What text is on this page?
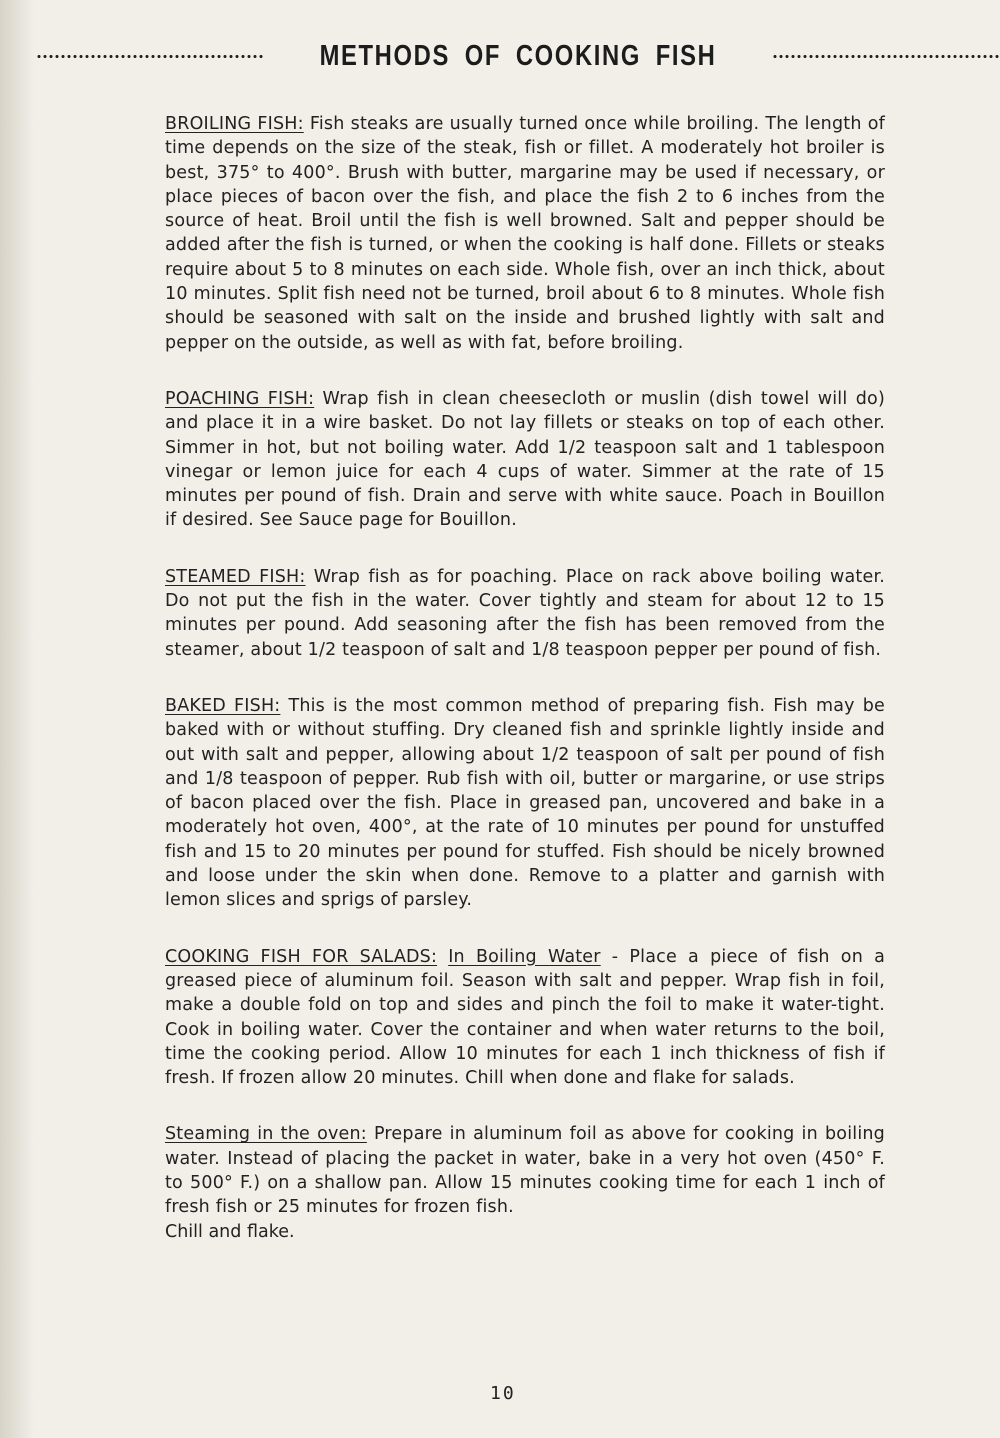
METHODS OF COOKING FISH
BROILING FISH: Fish steaks are usually turned once while broiling. The length of time depends on the size of the steak, fish or fillet. A moderately hot broiler is best, 375° to 400°. Brush with butter, margarine may be used if necessary, or place pieces of bacon over the fish, and place the fish 2 to 6 inches from the source of heat. Broil until the fish is well browned. Salt and pepper should be added after the fish is turned, or when the cooking is half done. Fillets or steaks require about 5 to 8 minutes on each side. Whole fish, over an inch thick, about 10 minutes. Split fish need not be turned, broil about 6 to 8 minutes. Whole fish should be seasoned with salt on the inside and brushed lightly with salt and pepper on the outside, as well as with fat, before broiling.
POACHING FISH: Wrap fish in clean cheesecloth or muslin (dish towel will do) and place it in a wire basket. Do not lay fillets or steaks on top of each other. Simmer in hot, but not boiling water. Add 1/2 teaspoon salt and 1 tablespoon vinegar or lemon juice for each 4 cups of water. Simmer at the rate of 15 minutes per pound of fish. Drain and serve with white sauce. Poach in Bouillon if desired. See Sauce page for Bouillon.
STEAMED FISH: Wrap fish as for poaching. Place on rack above boiling water. Do not put the fish in the water. Cover tightly and steam for about 12 to 15 minutes per pound. Add seasoning after the fish has been removed from the steamer, about 1/2 teaspoon of salt and 1/8 teaspoon pepper per pound of fish.
BAKED FISH: This is the most common method of preparing fish. Fish may be baked with or without stuffing. Dry cleaned fish and sprinkle lightly inside and out with salt and pepper, allowing about 1/2 teaspoon of salt per pound of fish and 1/8 teaspoon of pepper. Rub fish with oil, butter or margarine, or use strips of bacon placed over the fish. Place in greased pan, uncovered and bake in a moderately hot oven, 400°, at the rate of 10 minutes per pound for unstuffed fish and 15 to 20 minutes per pound for stuffed. Fish should be nicely browned and loose under the skin when done. Remove to a platter and garnish with lemon slices and sprigs of parsley.
COOKING FISH FOR SALADS: In Boiling Water - Place a piece of fish on a greased piece of aluminum foil. Season with salt and pepper. Wrap fish in foil, make a double fold on top and sides and pinch the foil to make it water-tight. Cook in boiling water. Cover the container and when water returns to the boil, time the cooking period. Allow 10 minutes for each 1 inch thickness of fish if fresh. If frozen allow 20 minutes. Chill when done and flake for salads.
Steaming in the oven: Prepare in aluminum foil as above for cooking in boiling water. Instead of placing the packet in water, bake in a very hot oven (450° F. to 500° F.) on a shallow pan. Allow 15 minutes cooking time for each 1 inch of fresh fish or 25 minutes for frozen fish.
Chill and flake.
10
